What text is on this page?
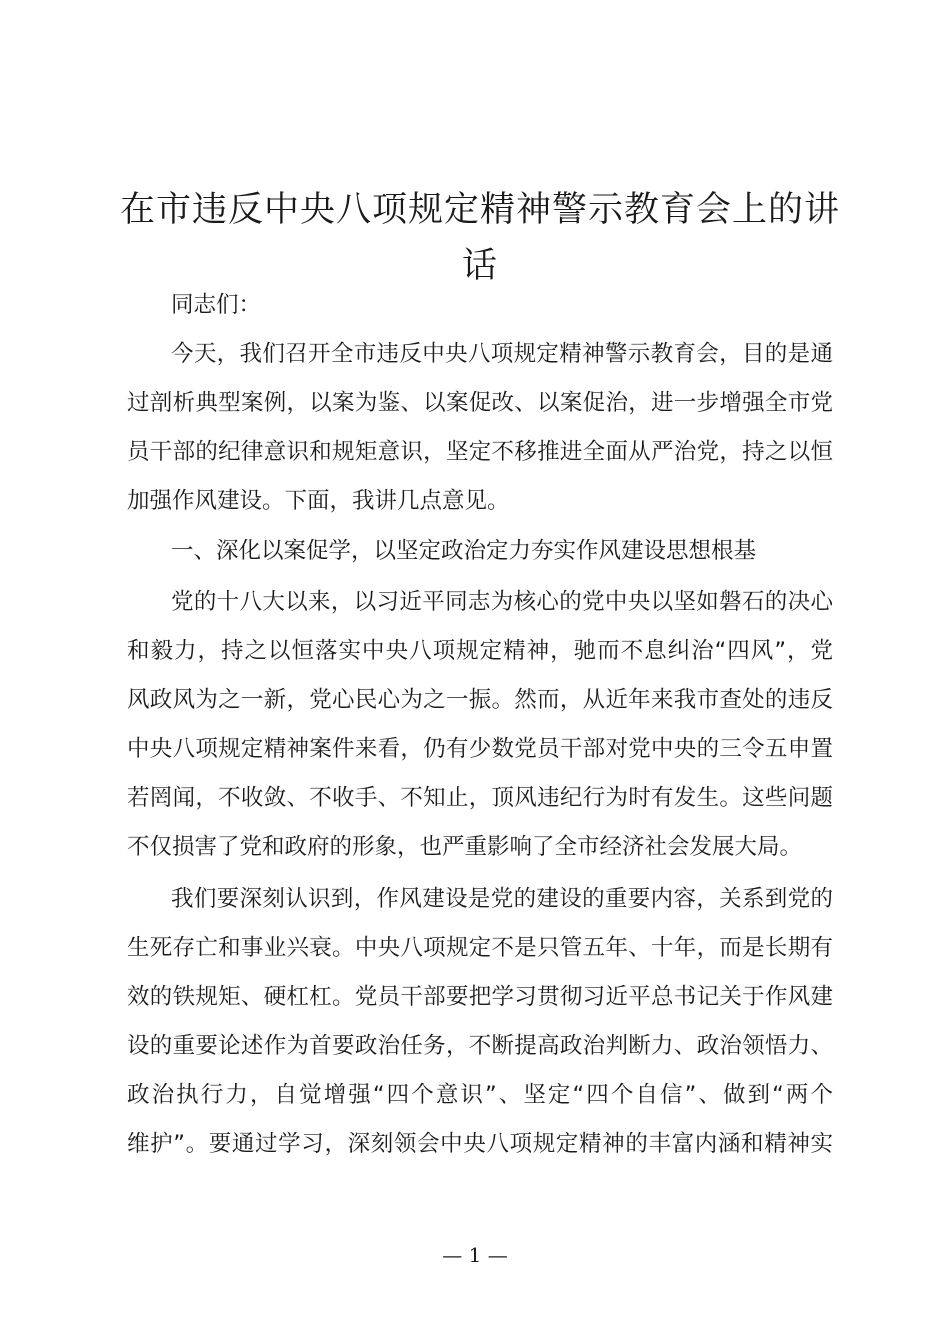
在市违反中央八项规定精神警示教育会上的讲
话
同志们：
今天，我们召开全市违反中央八项规定精神警示教育会，目的是通
过剖析典型案例，以案为鉴、以案促改、以案促治，进一步增强全市党
员干部的纪律意识和规矩意识，坚定不移推进全面从严治党，持之以恒
加强作风建设。下面，我讲几点意见。
一、深化以案促学，以坚定政治定力夯实作风建设思想根基
党的十八大以来，以习近平同志为核心的党中央以坚如磐石的决心
和毅力，持之以恒落实中央八项规定精神，驰而不息纠治“四风”，党
风政风为之一新，党心民心为之一振。然而，从近年来我市查处的违反
中央八项规定精神案件来看，仍有少数党员干部对党中央的三令五申置
若罔闻，不收敛、不收手、不知止，顶风违纪行为时有发生。这些问题
不仅损害了党和政府的形象，也严重影响了全市经济社会发展大局。
我们要深刻认识到，作风建设是党的建设的重要内容，关系到党的
生死存亡和事业兴衰。中央八项规定不是只管五年、十年，而是长期有
效的铁规矩、硬杠杠。党员干部要把学习贯彻习近平总书记关于作风建
设的重要论述作为首要政治任务，不断提高政治判断力、政治领悟力、
政治执行力，自觉增强“四个意识”、坚定“四个自信”、做到“两个
维护”。要通过学习，深刻领会中央八项规定精神的丰富内涵和精神实
— 1 —
